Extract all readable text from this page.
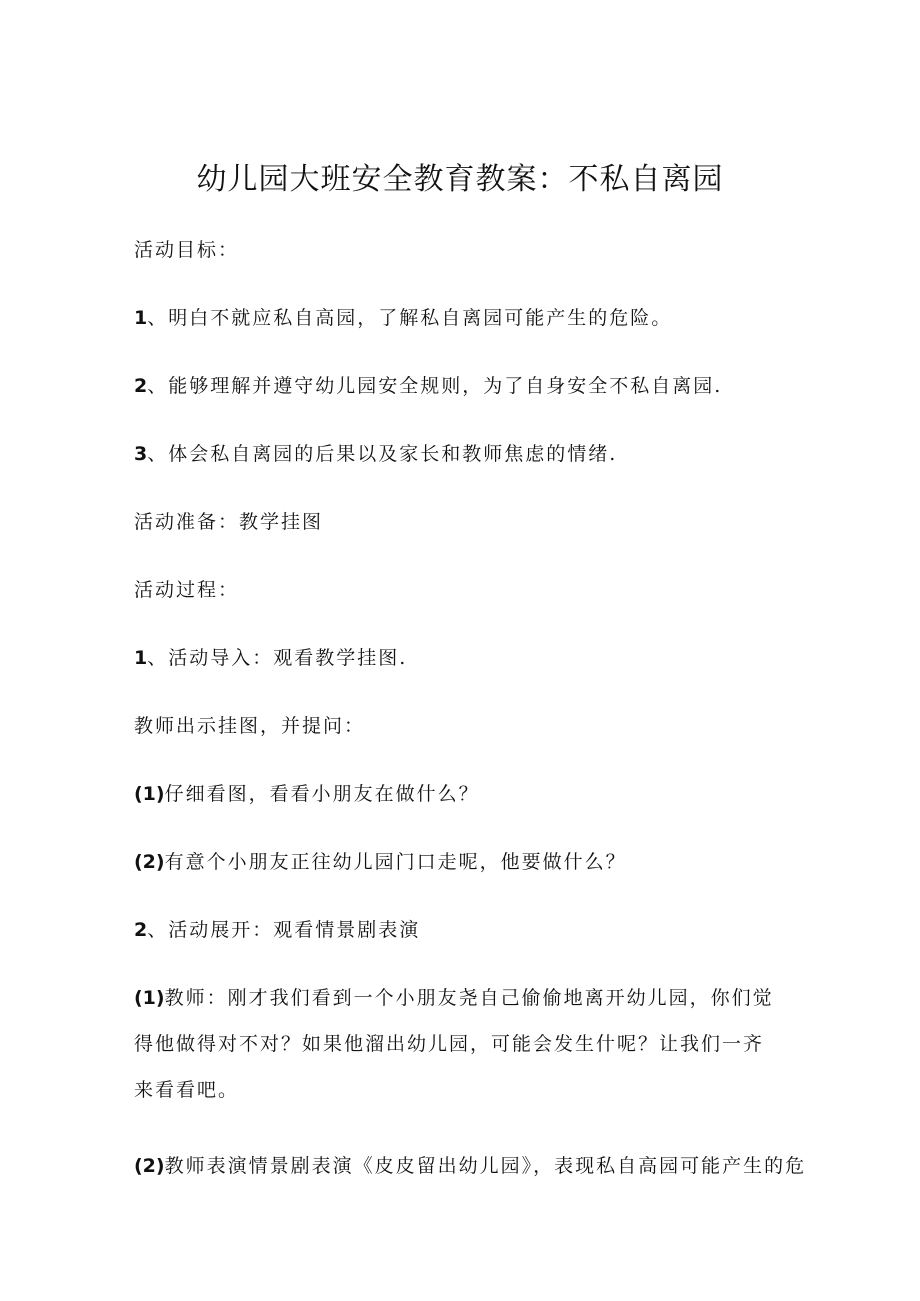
幼儿园大班安全教育教案：不私自离园
活动目标：
1、明白不就应私自高园，了解私自离园可能产生的危险。
2、能够理解并遵守幼儿园安全规则，为了自身安全不私自离园.
3、体会私自离园的后果以及家长和教师焦虑的情绪.
活动准备：教学挂图
活动过程：
1、活动导入：观看教学挂图.
教师出示挂图，并提问：
(1)仔细看图，看看小朋友在做什么？
(2)有意个小朋友正往幼儿园门口走呢，他要做什么？
2、活动展开：观看情景剧表演
(1)教师：刚才我们看到一个小朋友尧自己偷偷地离开幼儿园，你们觉得他做得对不对？如果他溜出幼儿园，可能会发生什呢？让我们一齐来看看吧。
(2)教师表演情景剧表演《皮皮留出幼儿园》，表现私自高园可能产生的危
